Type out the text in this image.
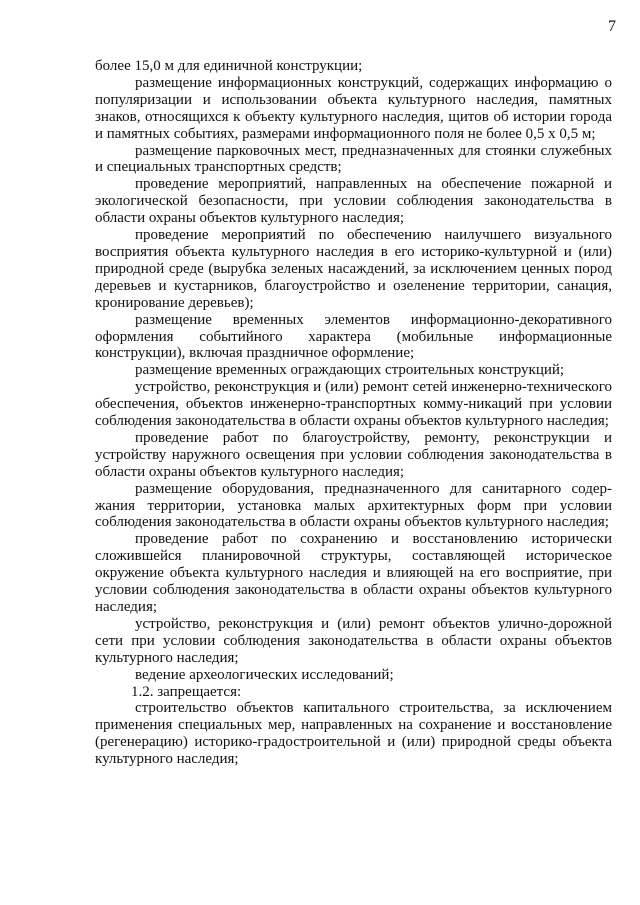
7

более 15,0 м для единичной конструкции;

размещение информационных конструкций, содержащих информацию о популяризации и использовании объекта культурного наследия, памятных знаков, относящихся к объекту культурного наследия, щитов об истории города и памятных событиях, размерами информационного поля не более 0,5 х 0,5 м;

размещение парковочных мест, предназначенных для стоянки служебных и специальных транспортных средств;

проведение мероприятий, направленных на обеспечение пожарной и экологической безопасности, при условии соблюдения законодательства в области охраны объектов культурного наследия;

проведение мероприятий по обеспечению наилучшего визуального восприятия объекта культурного наследия в его историко-культурной и (или) природной среде (вырубка зеленых насаждений, за исключением ценных пород деревьев и кустарников, благоустройство и озеленение территории, санация, кронирование деревьев);

размещение временных элементов информационно-декоративного оформления событийного характера (мобильные информационные конструкции), включая праздничное оформление;

размещение временных ограждающих строительных конструкций;

устройство, реконструкция и (или) ремонт сетей инженерно-технического обеспечения, объектов инженерно-транспортных комму-никаций при условии соблюдения законодательства в области охраны объектов культурного наследия;

проведение работ по благоустройству, ремонту, реконструкции и устройству наружного освещения при условии соблюдения законодательства в области охраны объектов культурного наследия;

размещение оборудования, предназначенного для санитарного содер-жания территории, установка малых архитектурных форм при условии соблюдения законодательства в области охраны объектов культурного наследия;

проведение работ по сохранению и восстановлению исторически сложившейся планировочной структуры, составляющей историческое окружение объекта культурного наследия и влияющей на его восприятие, при условии соблюдения законодательства в области охраны объектов культурного наследия;

устройство, реконструкция и (или) ремонт объектов улично-дорожной сети при условии соблюдения законодательства в области охраны объектов культурного наследия;

ведение археологических исследований;

1.2. запрещается:

строительство объектов капитального строительства, за исключением применения специальных мер, направленных на сохранение и восстановление (регенерацию) историко-градостроительной и (или) природной среды объекта культурного наследия;
